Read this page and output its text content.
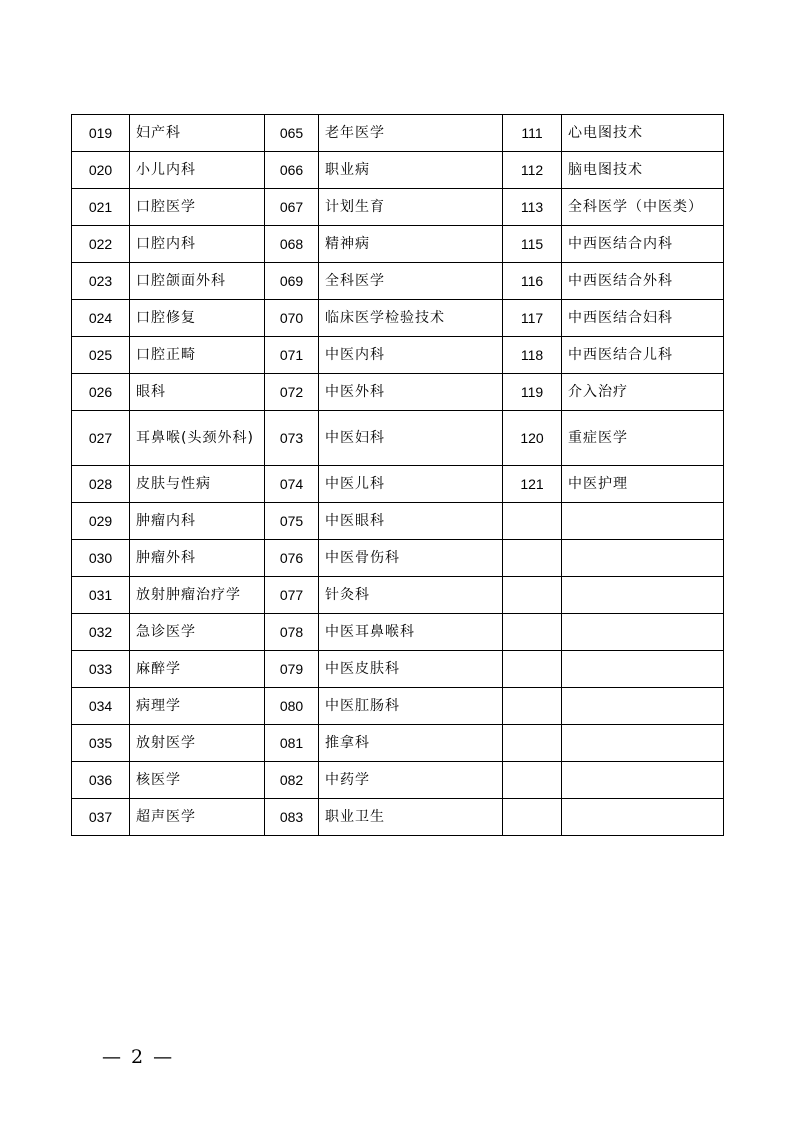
019	妇产科	065	老年医学	111	心电图技术
020	小儿内科	066	职业病	112	脑电图技术
021	口腔医学	067	计划生育	113	全科医学（中医类）
022	口腔内科	068	精神病	115	中西医结合内科
023	口腔颌面外科	069	全科医学	116	中西医结合外科
024	口腔修复	070	临床医学检验技术	117	中西医结合妇科
025	口腔正畸	071	中医内科	118	中西医结合儿科
026	眼科	072	中医外科	119	介入治疗
027	耳鼻喉(头颈外科)	073	中医妇科	120	重症医学
028	皮肤与性病	074	中医儿科	121	中医护理
029	肿瘤内科	075	中医眼科		
030	肿瘤外科	076	中医骨伤科		
031	放射肿瘤治疗学	077	针灸科		
032	急诊医学	078	中医耳鼻喉科		
033	麻醉学	079	中医皮肤科		
034	病理学	080	中医肛肠科		
035	放射医学	081	推拿科		
036	核医学	082	中药学		
037	超声医学	083	职业卫生		
— 2 —
